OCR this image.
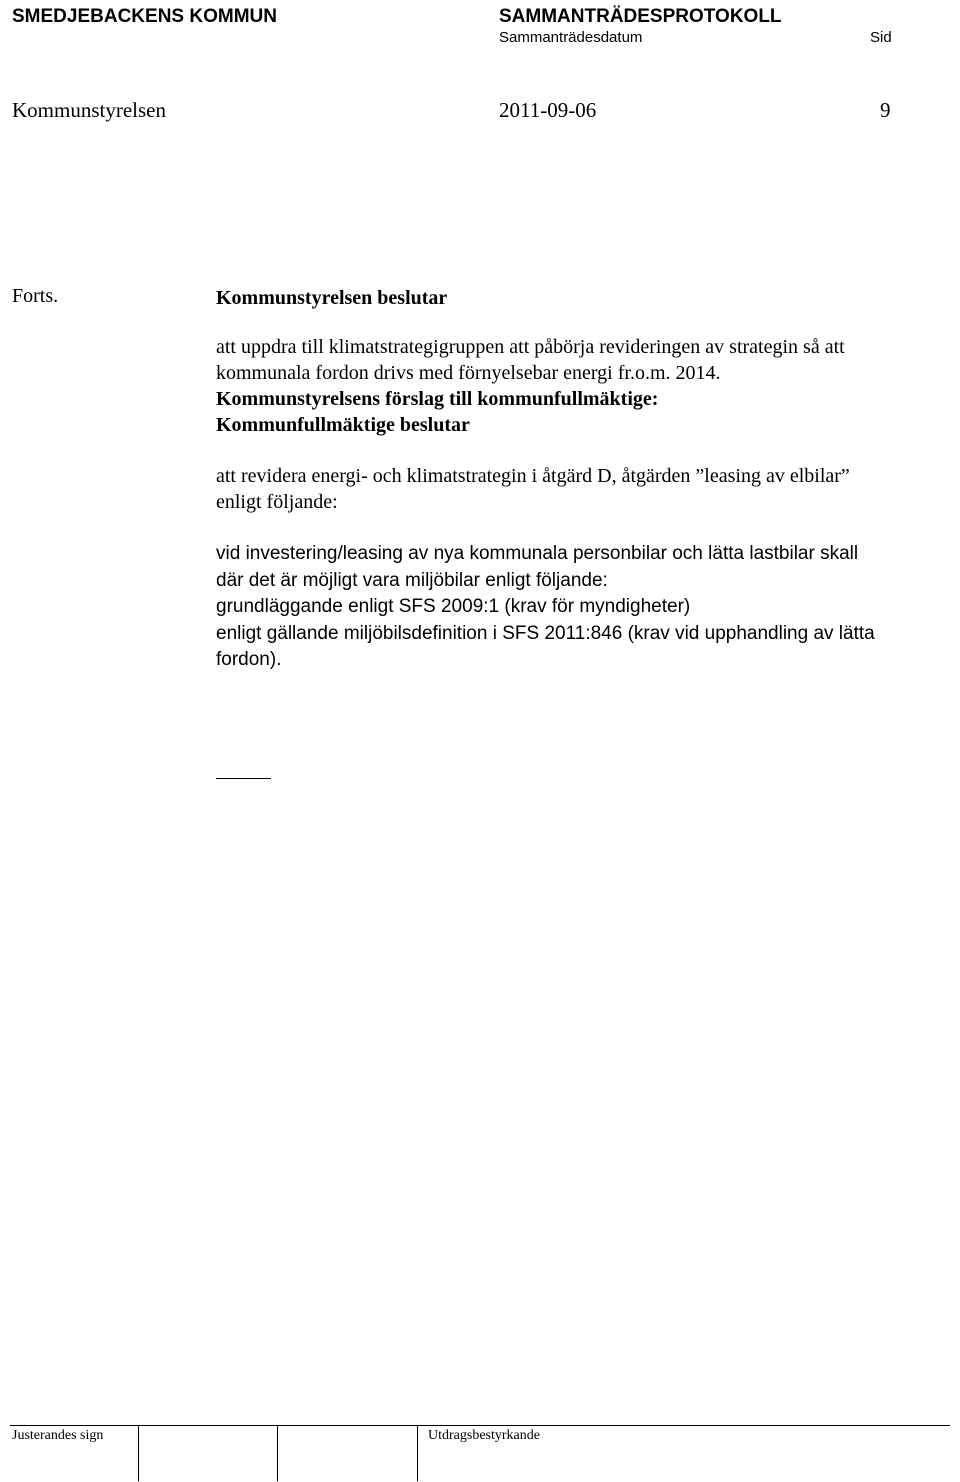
SMEDJEBACKENS KOMMUN	SAMMANTRÄDESPROTOKOLL
Sammanträdesdatum	Sid
Kommunstyrelsen	2011-09-06	9
Forts.	Kommunstyrelsen beslutar

att uppdra till klimatstrategigruppen att påbörja revideringen av strategin så att

kommunala fordon drivs med förnyelsebar energi fr.o.m. 2014.

Kommunstyrelsens förslag till kommunfullmäktige:

Kommunfullmäktige beslutar

att revidera energi- och klimatstrategin i åtgärd D, åtgärden ”leasing av elbilar”

enligt följande:

vid investering/leasing av nya kommunala personbilar och lätta lastbilar skall

där det är möjligt vara miljöbilar enligt följande:

grundläggande enligt SFS 2009:1 (krav för myndigheter)

enligt gällande miljöbilsdefinition i SFS 2011:846 (krav vid upphandling av lätta

fordon).

Justerandes sign	Utdragsbestyrkande
